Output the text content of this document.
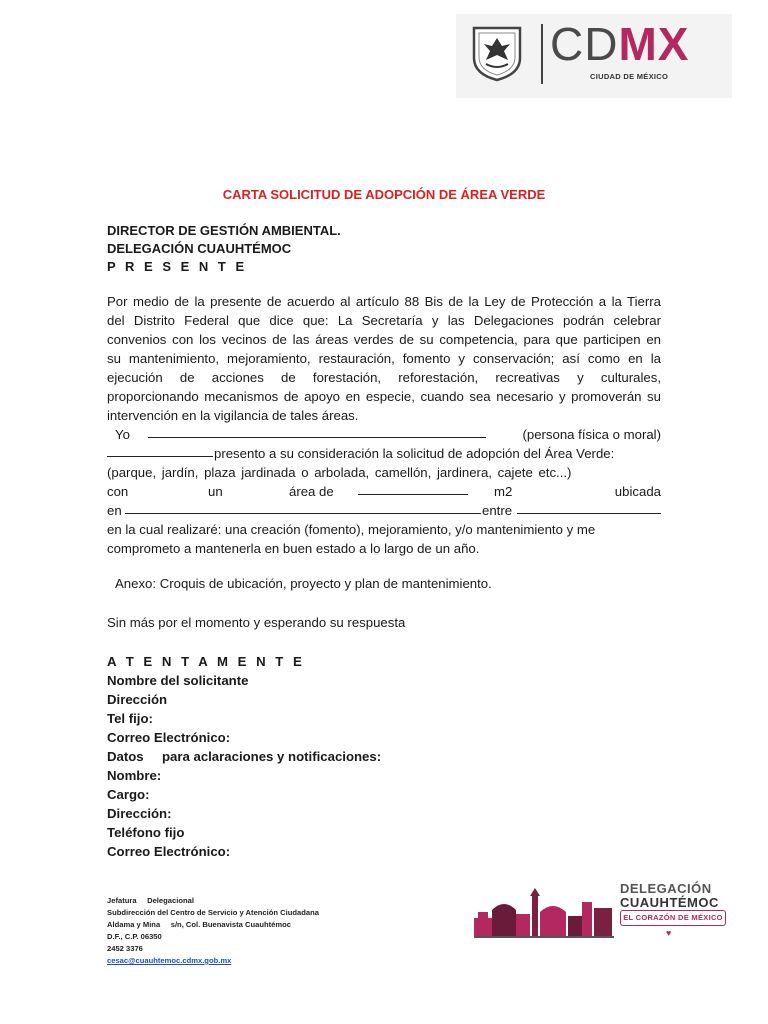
CDMX
CIUDAD DE MÉXICO
CARTA SOLICITUD DE ADOPCIÓN DE ÁREA VERDE
DIRECTOR DE GESTIÓN AMBIENTAL.
DELEGACIÓN CUAUHTÉMOC
P R E S E N T E
Por medio de la presente de acuerdo al artículo 88 Bis de la Ley de Protección a la Tierra
del Distrito Federal que dice que: La Secretaría y las Delegaciones podrán celebrar
convenios con los vecinos de las áreas verdes de su competencia, para que participen en
su mantenimiento, mejoramiento, restauración, fomento y conservación; así como en la
ejecución de acciones de forestación, reforestación, recreativas y culturales,
proporcionando mecanismos de apoyo en especie, cuando sea necesario y promoverán su
intervención en la vigilancia de tales áreas.
Yo	(persona física o moral)
presento a su consideración la solicitud de adopción del Área Verde:
(parque, jardín, plaza jardinada o arbolada, camellón, jardinera, cajete etc...)
con	un	área de	m2	ubicada
en	entre
en la cual realizaré: una creación (fomento), mejoramiento, y/o mantenimiento y me
comprometo a mantenerla en buen estado a lo largo de un año.
Anexo: Croquis de ubicación, proyecto y plan de mantenimiento.
Sin más por el momento y esperando su respuesta
A T E N T A M E N T E
Nombre del solicitante
Dirección
Tel fijo:
Correo Electrónico:
Datos     para aclaraciones y notificaciones:
Nombre:
Cargo:
Dirección:
Teléfono fijo
Correo Electrónico:
Jefatura     Delegacional
Subdirección del Centro de Servicio y Atención Ciudadana
Aldama y Mina     s/n, Col. Buenavista Cuauhtémoc
D.F., C.P. 06350
2452 3376
cesac@cuauhtemoc.cdmx.gob.mx
DELEGACIÓN
CUAUHTÉMOC
EL CORAZÓN DE MÉXICO
♥
